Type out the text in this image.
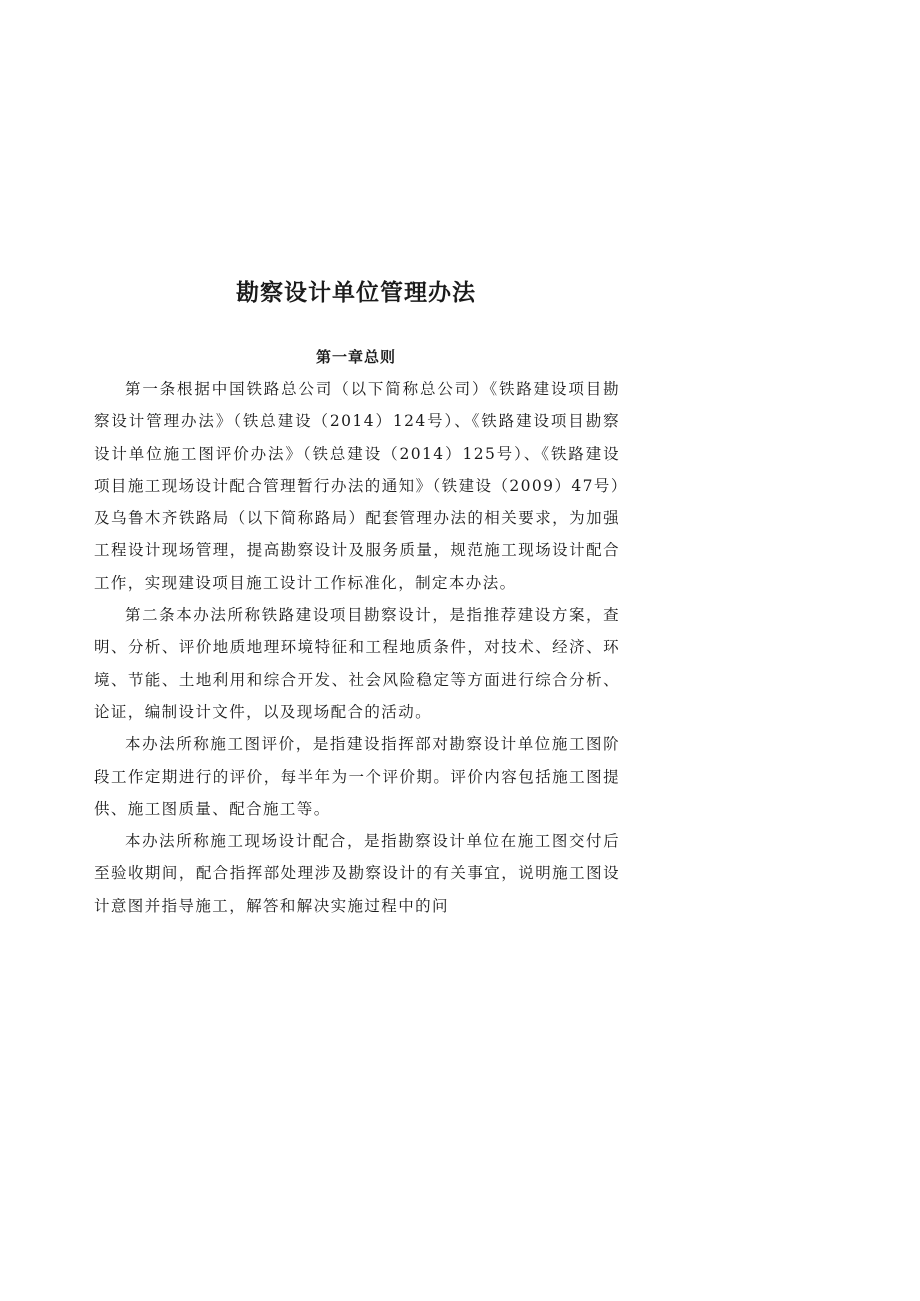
勘察设计单位管理办法
第一章总则

第一条根据中国铁路总公司（以下简称总公司）《铁路建设项目勘察设计管理办法》（铁总建设（2014）124号）、《铁路建设项目勘察设计单位施工图评价办法》（铁总建设（2014）125号）、《铁路建设项目施工现场设计配合管理暂行办法的通知》（铁建设（2009）47号）及乌鲁木齐铁路局（以下简称路局）配套管理办法的相关要求，为加强工程设计现场管理，提高勘察设计及服务质量，规范施工现场设计配合工作，实现建设项目施工设计工作标准化，制定本办法。

第二条本办法所称铁路建设项目勘察设计，是指推荐建设方案，查明、分析、评价地质地理环境特征和工程地质条件，对技术、经济、环境、节能、土地利用和综合开发、社会风险稳定等方面进行综合分析、论证，编制设计文件，以及现场配合的活动。

本办法所称施工图评价，是指建设指挥部对勘察设计单位施工图阶段工作定期进行的评价，每半年为一个评价期。评价内容包括施工图提供、施工图质量、配合施工等。

本办法所称施工现场设计配合，是指勘察设计单位在施工图交付后至验收期间，配合指挥部处理涉及勘察设计的有关事宜，说明施工图设计意图并指导施工，解答和解决实施过程中的问
